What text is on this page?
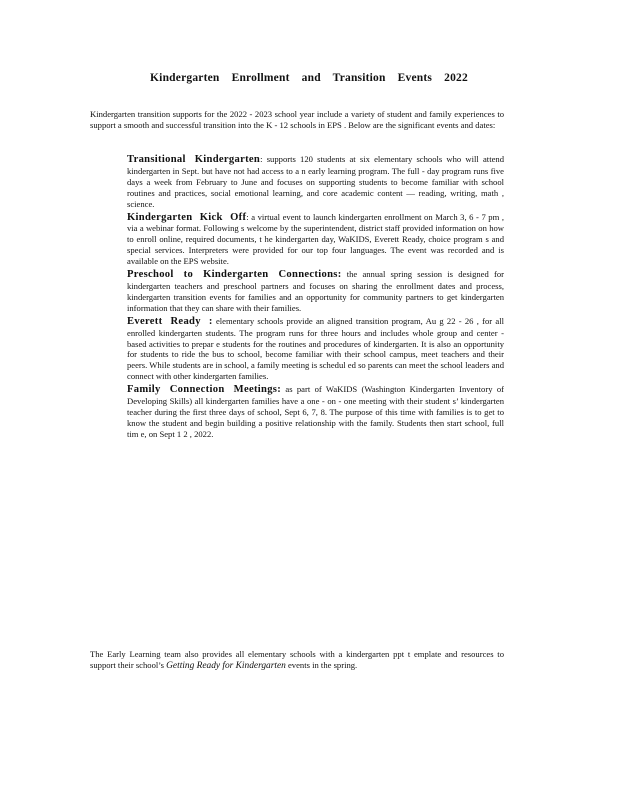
Kindergarten Enrollment and Transition Events 2022

Kindergarten transition supports for the 2022 - 2023 school year include a variety of student and family experiences to support a smooth and successful transition into the K - 12 schools in EPS . Below are the significant events and dates:

Transitional Kindergarten: supports 120 students at six elementary schools who will attend kindergarten in Sept. but have not had access to a n early learning program. The full - day program runs five days a week from February to June and focuses on supporting students to become familiar with school routines and practices, social emotional learning, and core academic content — reading, writing, math , science.
Kindergarten Kick Off: a virtual event to launch kindergarten enrollment on March 3, 6 - 7 pm , via a webinar format. Following s welcome by the superintendent, district staff provided information on how to enroll online, required documents, t he kindergarten day, WaKIDS, Everett Ready, choice program s and special services. Interpreters were provided for our top four languages. The event was recorded and is available on the EPS website.
Preschool to Kindergarten Connections: the annual spring session is designed for kindergarten teachers and preschool partners and focuses on sharing the enrollment dates and process, kindergarten transition events for families and an opportunity for community partners to get kindergarten information that they can share with their families.
Everett Ready : elementary schools provide an aligned transition program, Au g 22 - 26 , for all enrolled kindergarten students. The program runs for three hours and includes whole group and center - based activities to prepar e students for the routines and procedures of kindergarten. It is also an opportunity for students to ride the bus to school, become familiar with their school campus, meet teachers and their peers. While students are in school, a family meeting is schedul ed so parents can meet the school leaders and connect with other kindergarten families.
Family Connection Meetings: as part of WaKIDS (Washington Kindergarten Inventory of Developing Skills) all kindergarten families have a one - on - one meeting with their student s’ kindergarten teacher during the first three days of school, Sept 6, 7, 8. The purpose of this time with families is to get to know the student and begin building a positive relationship with the family. Students then start school, full tim e, on Sept 1 2 , 2022.

The Early Learning team also provides all elementary schools with a kindergarten ppt t emplate and resources to support their school’s Getting Ready for Kindergarten events in the spring.
